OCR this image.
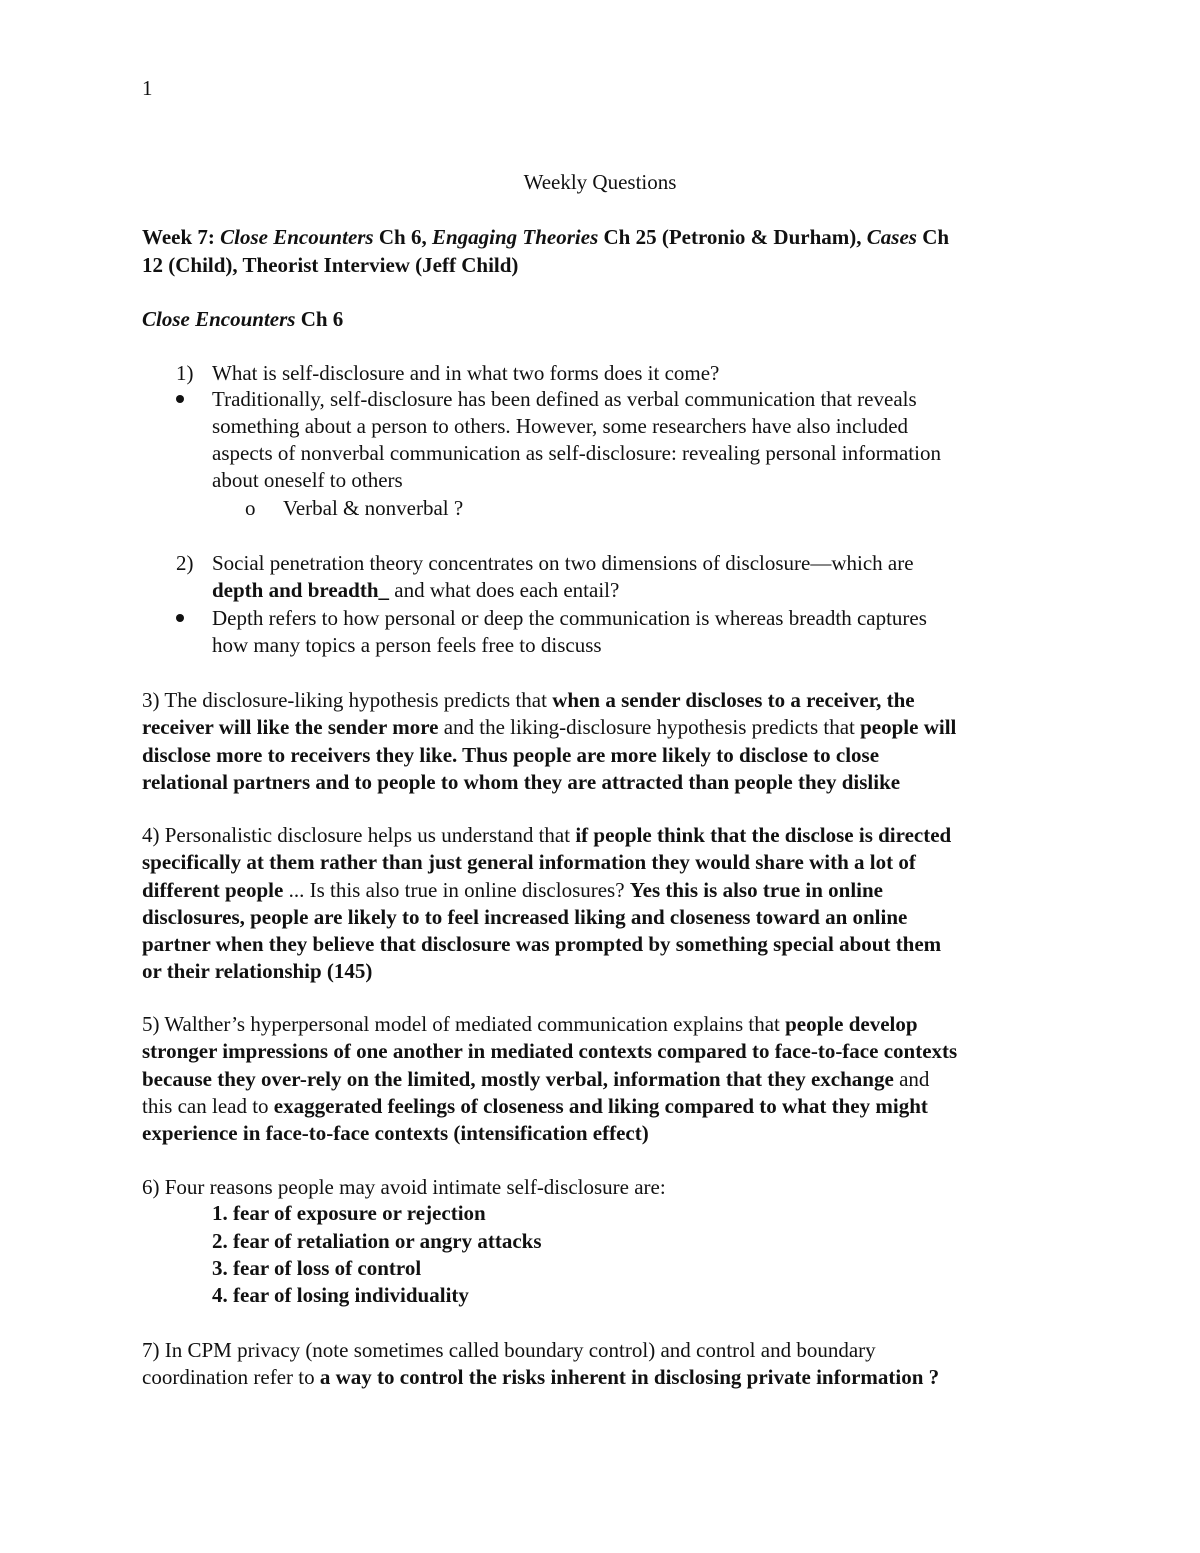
1
Weekly Questions
Week 7: Close Encounters Ch 6, Engaging Theories Ch 25 (Petronio & Durham), Cases Ch
12 (Child), Theorist Interview (Jeff Child)
Close Encounters Ch 6
1) What is self-disclosure and in what two forms does it come?
Traditionally, self-disclosure has been defined as verbal communication that reveals
something about a person to others. However, some researchers have also included
aspects of nonverbal communication as self-disclosure: revealing personal information
about oneself to others
o Verbal & nonverbal ?
2) Social penetration theory concentrates on two dimensions of disclosure—which are
depth and breadth_ and what does each entail?
Depth refers to how personal or deep the communication is whereas breadth captures
how many topics a person feels free to discuss
3) The disclosure-liking hypothesis predicts that when a sender discloses to a receiver, the
receiver will like the sender more and the liking-disclosure hypothesis predicts that people will
disclose more to receivers they like. Thus people are more likely to disclose to close
relational partners and to people to whom they are attracted than people they dislike
4) Personalistic disclosure helps us understand that if people think that the disclose is directed
specifically at them rather than just general information they would share with a lot of
different people ... Is this also true in online disclosures? Yes this is also true in online
disclosures, people are likely to to feel increased liking and closeness toward an online
partner when they believe that disclosure was prompted by something special about them
or their relationship (145)
5) Walther’s hyperpersonal model of mediated communication explains that people develop
stronger impressions of one another in mediated contexts compared to face-to-face contexts
because they over-rely on the limited, mostly verbal, information that they exchange and
this can lead to exaggerated feelings of closeness and liking compared to what they might
experience in face-to-face contexts (intensification effect)
6) Four reasons people may avoid intimate self-disclosure are:
1. fear of exposure or rejection
2. fear of retaliation or angry attacks
3. fear of loss of control
4. fear of losing individuality
7) In CPM privacy (note sometimes called boundary control) and control and boundary
coordination refer to a way to control the risks inherent in disclosing private information ?
